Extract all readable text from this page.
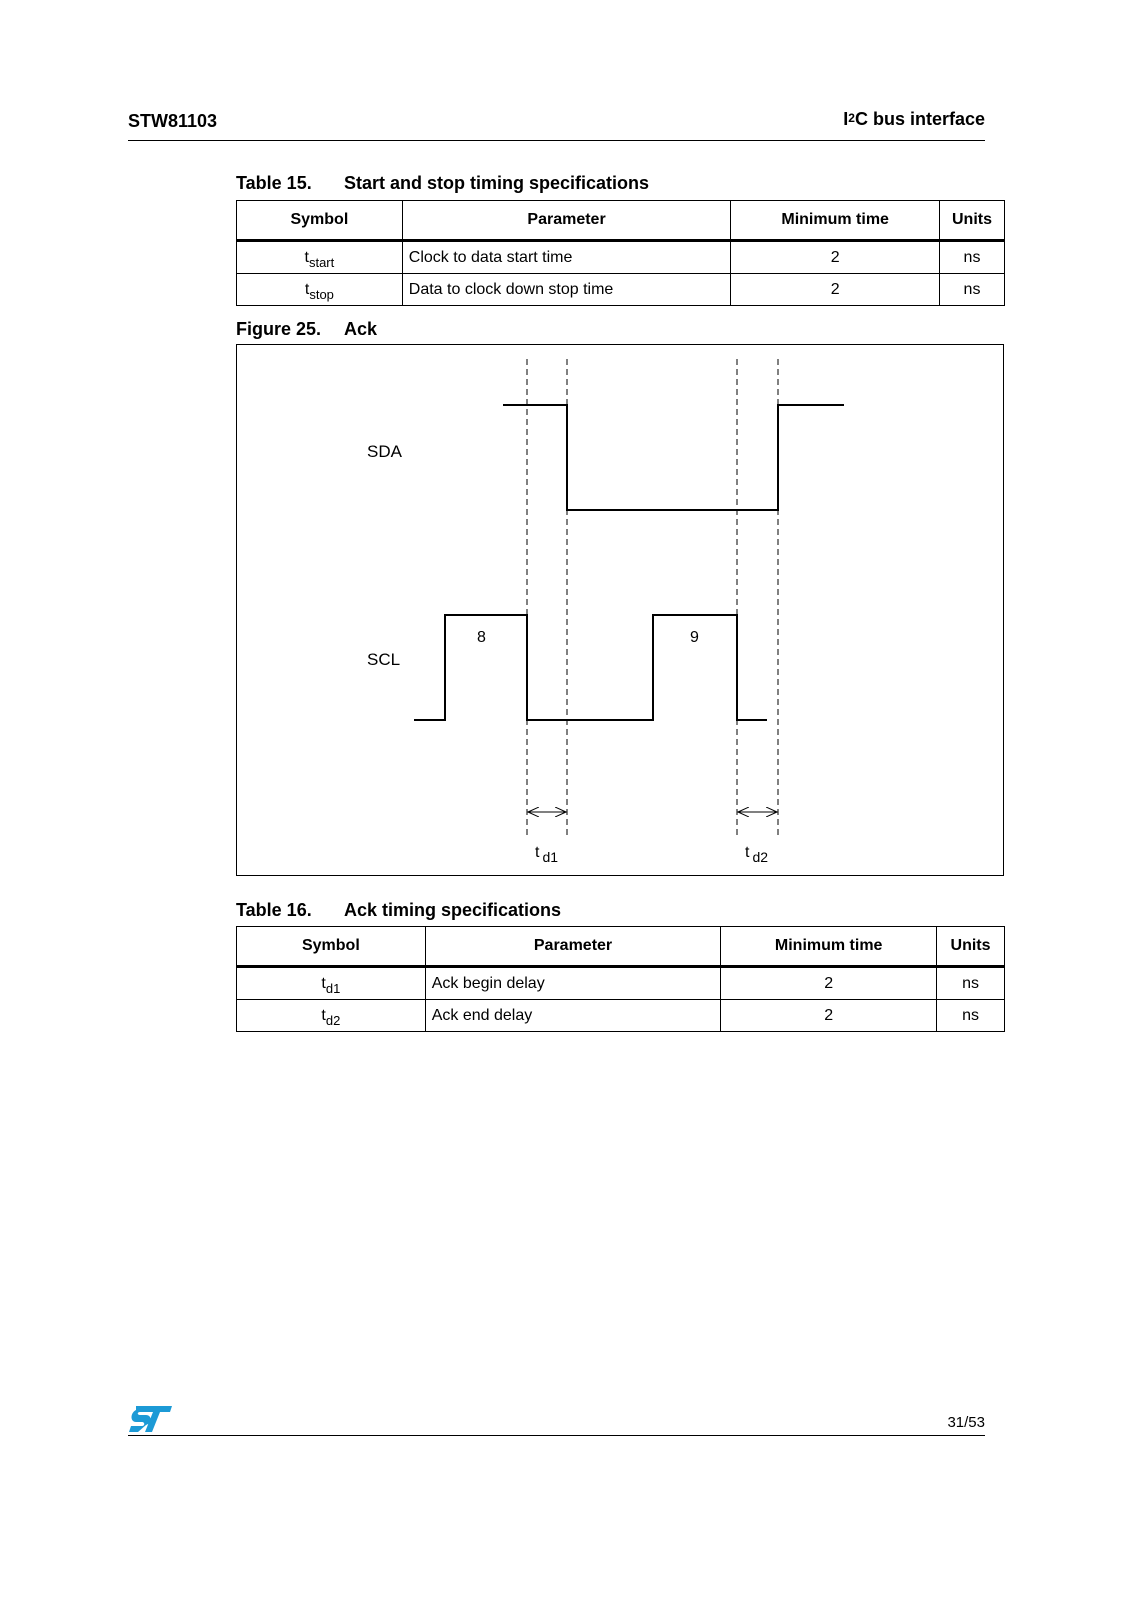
STW81103	$I^2C$ bus interface
Table 15. Start and stop timing specifications
Symbol	Parameter	Minimum time	Units
$t_{start}$	Clock to data start time	2	ns
$t_{stop}$	Data to clock down stop time	2	ns
Figure 25. Ack
SDA
SCL
8	9
t d1	t d2
Table 16. Ack timing specifications
Symbol	Parameter	Minimum time	Units
$t_{d1}$	Ack begin delay	2	ns
$t_{d2}$	Ack end delay	2	ns
31/53
